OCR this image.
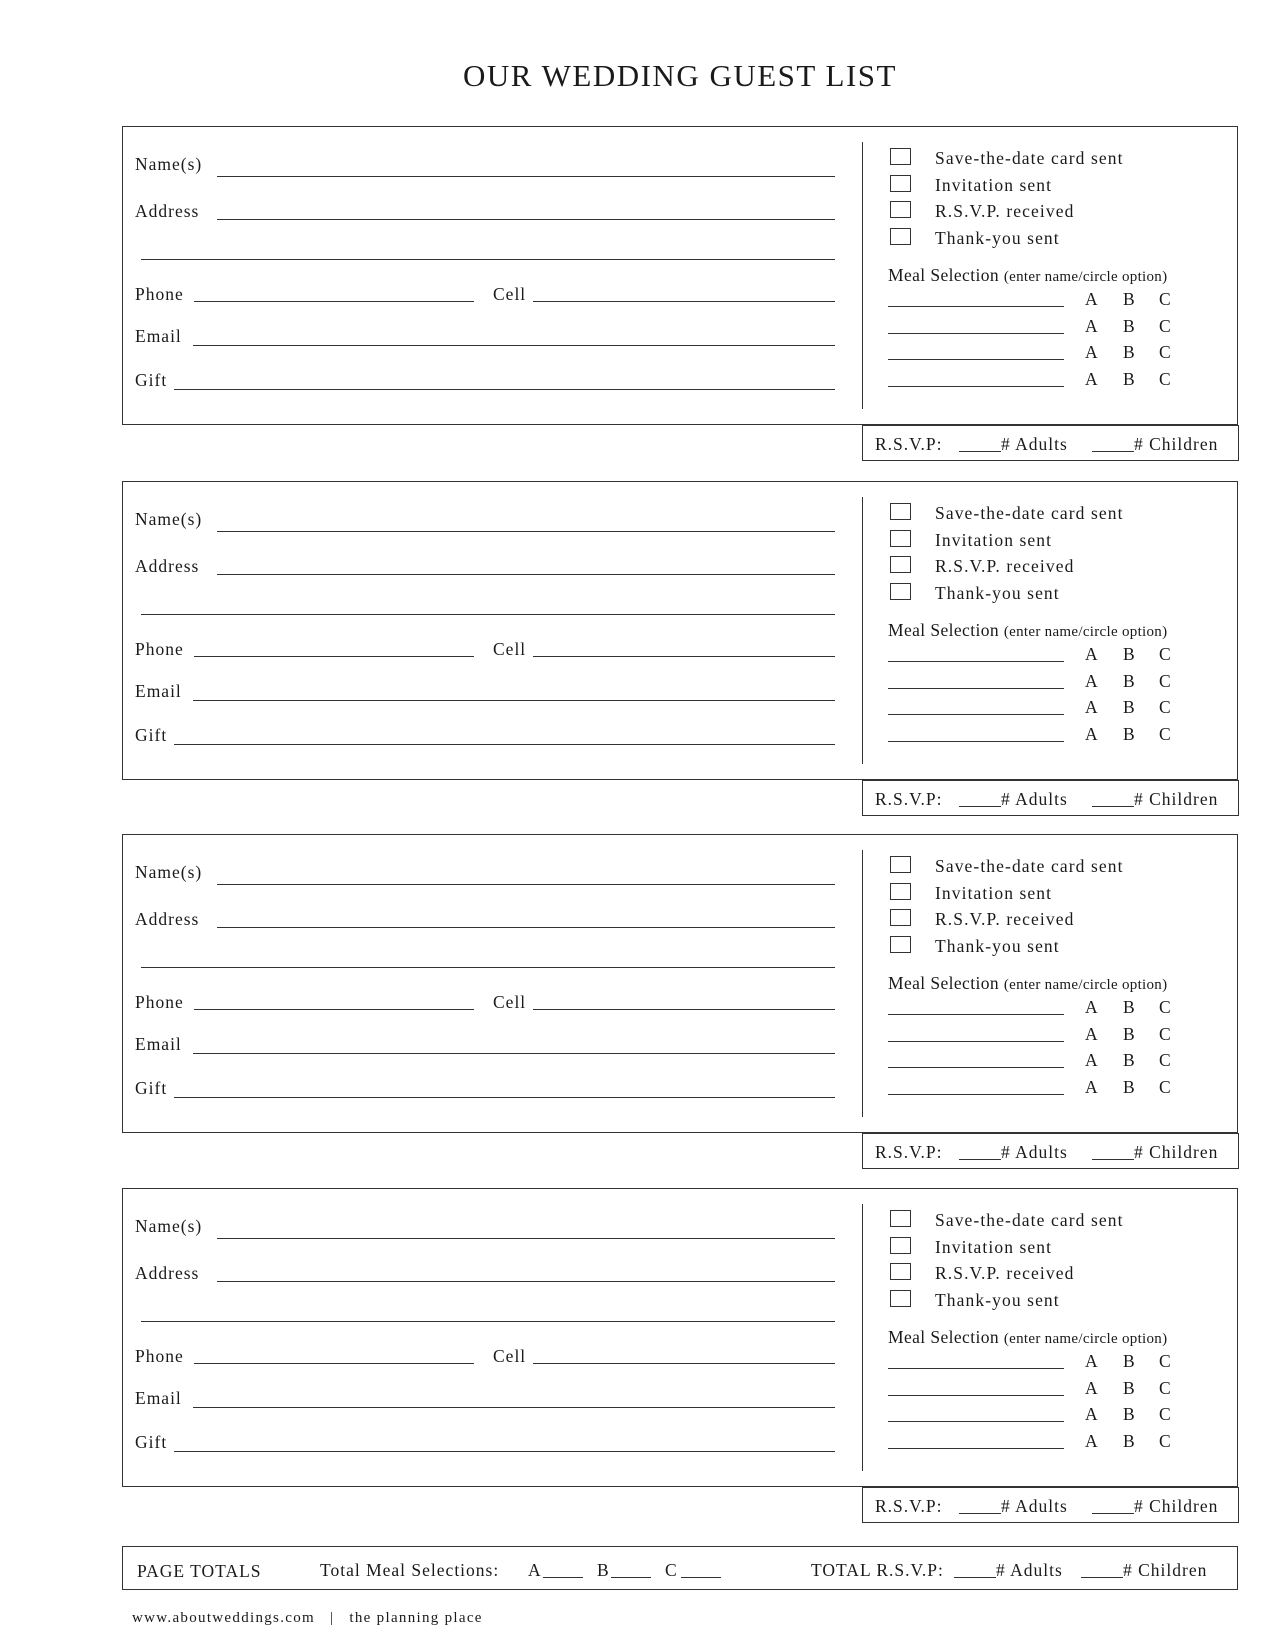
OUR WEDDING GUEST LIST
Name(s)
Address
Phone	Cell
Email
Gift
Save-the-date card sent
Invitation sent
R.S.V.P. received
Thank-you sent
Meal Selection (enter name/circle option)
A B C
A B C
A B C
A B C
R.S.V.P:	# Adults	# Children
Name(s)
Address
Phone	Cell
Email
Gift
Save-the-date card sent
Invitation sent
R.S.V.P. received
Thank-you sent
Meal Selection (enter name/circle option)
A B C
A B C
A B C
A B C
R.S.V.P:	# Adults	# Children
Name(s)
Address
Phone	Cell
Email
Gift
Save-the-date card sent
Invitation sent
R.S.V.P. received
Thank-you sent
Meal Selection (enter name/circle option)
A B C
A B C
A B C
A B C
R.S.V.P:	# Adults	# Children
Name(s)
Address
Phone	Cell
Email
Gift
Save-the-date card sent
Invitation sent
R.S.V.P. received
Thank-you sent
Meal Selection (enter name/circle option)
A B C
A B C
A B C
A B C
R.S.V.P:	# Adults	# Children
PAGE TOTALS	Total Meal Selections: A	B	C	TOTAL R.S.V.P:	# Adults	# Children
www.aboutweddings.com | the planning place
